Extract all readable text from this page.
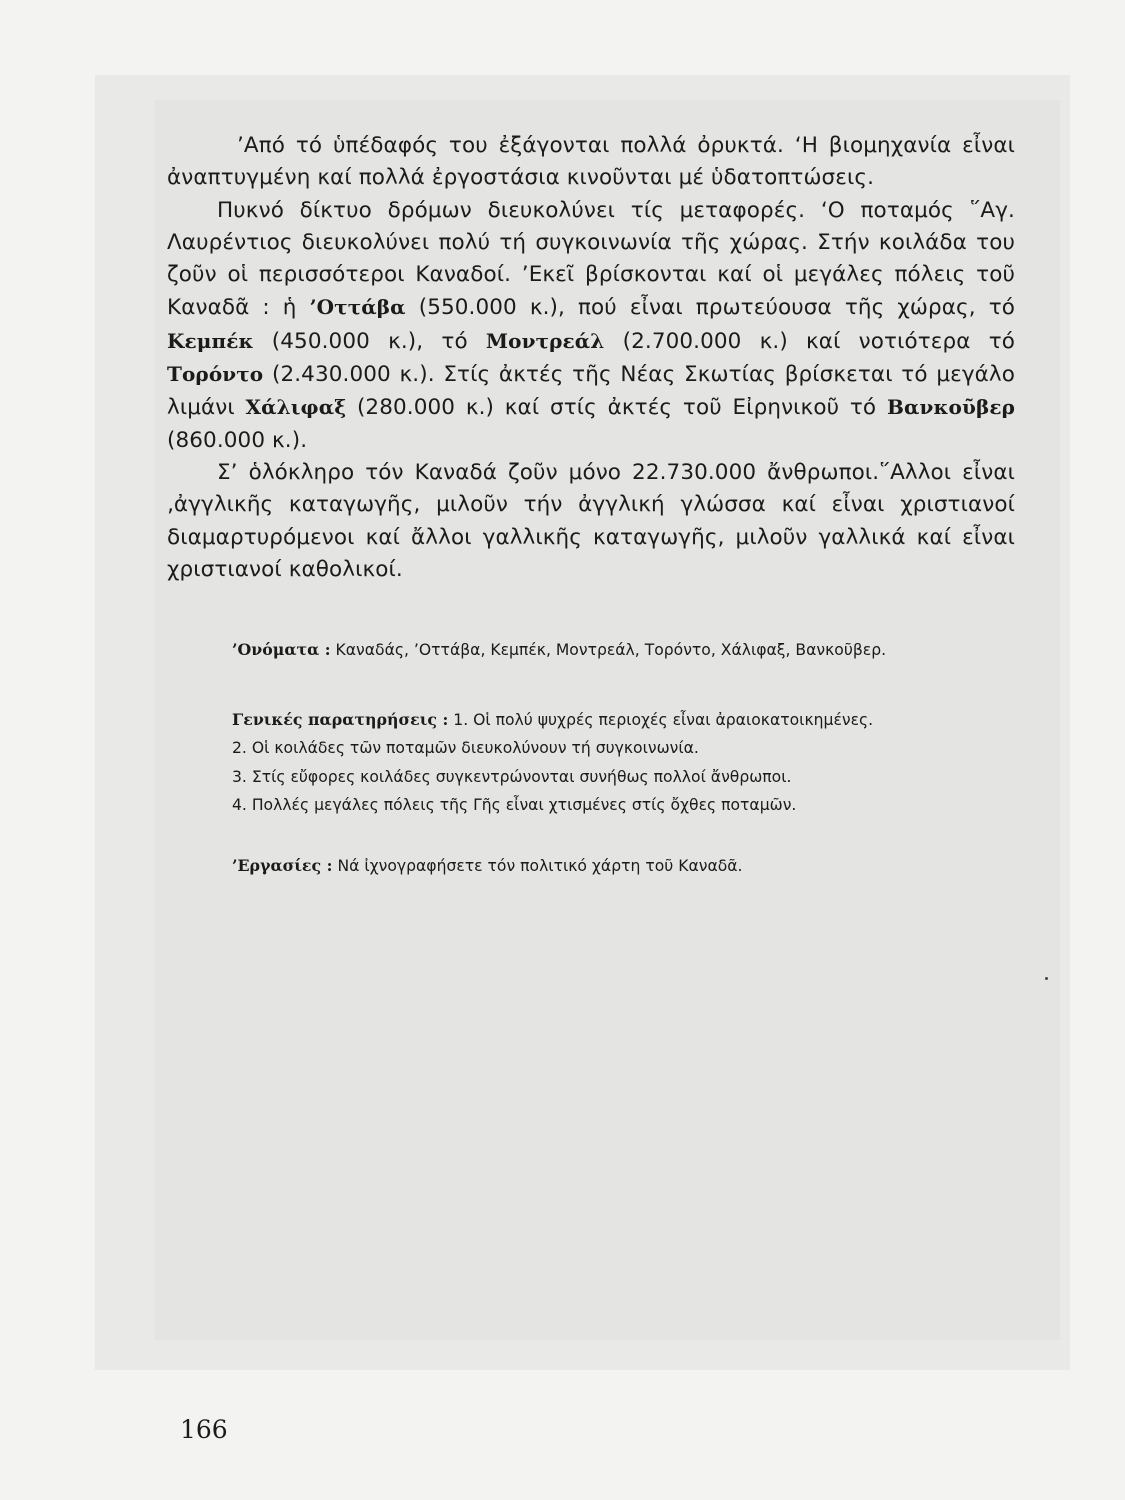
’Από τό ὑπέδαφός του ἐξάγονται πολλά ὀρυκτά. ‘Η βιομηχανία εἶναι ἀναπτυγμένη καί πολλά ἐργοστάσια κινοῦνται μέ ὑδατοπτώσεις.

Πυκνό δίκτυο δρόμων διευκολύνει τίς μεταφορές. ‘Ο ποταμός ῞Αγ. Λαυρέντιος διευκολύνει πολύ τή συγκοινωνία τῆς χώρας. Στήν κοιλάδα του ζοῦν οἱ περισσότεροι Καναδοί. ’Εκεῖ βρίσκονται καί οἱ μεγάλες πόλεις τοῦ Καναδᾶ : ἡ ’Οττάβα (550.000 κ.), πού εἶναι πρωτεύουσα τῆς χώρας, τό Κεμπέκ (450.000 κ.), τό Μοντρεάλ (2.700.000 κ.) καί νοτιότερα τό Τορόντο (2.430.000 κ.). Στίς ἀκτές τῆς Νέας Σκωτίας βρίσκεται τό μεγάλο λιμάνι Χάλιφαξ (280.000 κ.) καί στίς ἀκτές τοῦ Εἰρηνικοῦ τό Βανκοῦβερ (860.000 κ.).

Σ’ ὁλόκληρο τόν Καναδά ζοῦν μόνο 22.730.000 ἄνθρωποι.῞Αλλοι εἶναι ‚ἀγγλικῆς καταγωγῆς, μιλοῦν τήν ἀγγλική γλώσσα καί εἶναι χριστιανοί διαμαρτυρόμενοι καί ἄλλοι γαλλικῆς καταγωγῆς, μιλοῦν γαλλικά καί εἶναι χριστιανοί καθολικοί.

’Ονόματα : Καναδάς, ’Οττάβα, Κεμπέκ, Μοντρεάλ, Τορόντο, Χάλιφαξ, Βανκοῦβερ.

Γενικές παρατηρήσεις : 1. Οἱ πολύ ψυχρές περιοχές εἶναι ἀραιοκατοικημένες.

2. Οἱ κοιλάδες τῶν ποταμῶν διευκολύνουν τή συγκοινωνία.

3. Στίς εὔφορες κοιλάδες συγκεντρώνονται συνήθως πολλοί ἄνθρωποι.

4. Πολλές μεγάλες πόλεις τῆς Γῆς εἶναι χτισμένες στίς ὄχθες ποταμῶν.

’Εργασίες : Νά ἰχνογραφήσετε τόν πολιτικό χάρτη τοῦ Καναδᾶ.
166
